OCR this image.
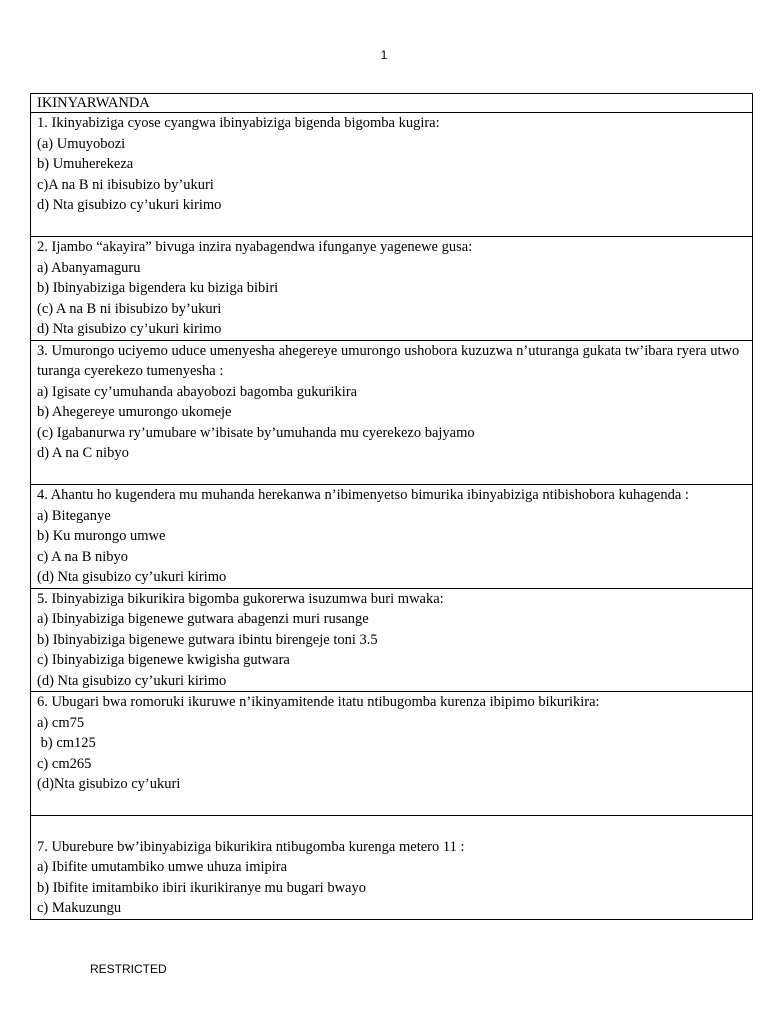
1
IKINYARWANDA

1. Ikinyabiziga cyose cyangwa ibinyabiziga bigenda bigomba kugira:
(a) Umuyobozi
b) Umuherekeza
c)A na B ni ibisubizo by’ukuri
d) Nta gisubizo cy’ukuri kirimo

2. Ijambo “akayira” bivuga inzira nyabagendwa ifunganye yagenewe gusa:
a) Abanyamaguru
b) Ibinyabiziga bigendera ku biziga bibiri
(c) A na B ni ibisubizo by’ukuri
d) Nta gisubizo cy’ukuri kirimo

3. Umurongo uciyemo uduce umenyesha ahegereye umurongo ushobora kuzuzwa n’uturanga gukata tw’ibara ryera utwo turanga cyerekezo tumenyesha :
a) Igisate cy’umuhanda abayobozi bagomba gukurikira
b) Ahegereye umurongo ukomeje
(c) Igabanurwa ry’umubare w’ibisate by’umuhanda mu cyerekezo bajyamo
d) A na C nibyo

4. Ahantu ho kugendera mu muhanda herekanwa n’ibimenyetso bimurika ibinyabiziga ntibishobora kuhagenda :
a) Biteganye
b) Ku murongo umwe
c) A na B nibyo
(d) Nta gisubizo cy’ukuri kirimo

5. Ibinyabiziga bikurikira bigomba gukorerwa isuzumwa buri mwaka:
a) Ibinyabiziga bigenewe gutwara abagenzi muri rusange
b) Ibinyabiziga bigenewe gutwara ibintu birengeje toni 3.5
c) Ibinyabiziga bigenewe kwigisha gutwara
(d) Nta gisubizo cy’ukuri kirimo

6. Ubugari bwa romoruki ikuruwe n’ikinyamitende itatu ntibugomba kurenza ibipimo bikurikira:
a) cm75
b) cm125
c) cm265
(d)Nta gisubizo cy’ukuri

7. Uburebure bw’ibinyabiziga bikurikira ntibugomba kurenga metero 11 :
a) Ibifite umutambiko umwe uhuza imipira
b) Ibifite imitambiko ibiri ikurikiranye mu bugari bwayo
c) Makuzungu
RESTRICTED
